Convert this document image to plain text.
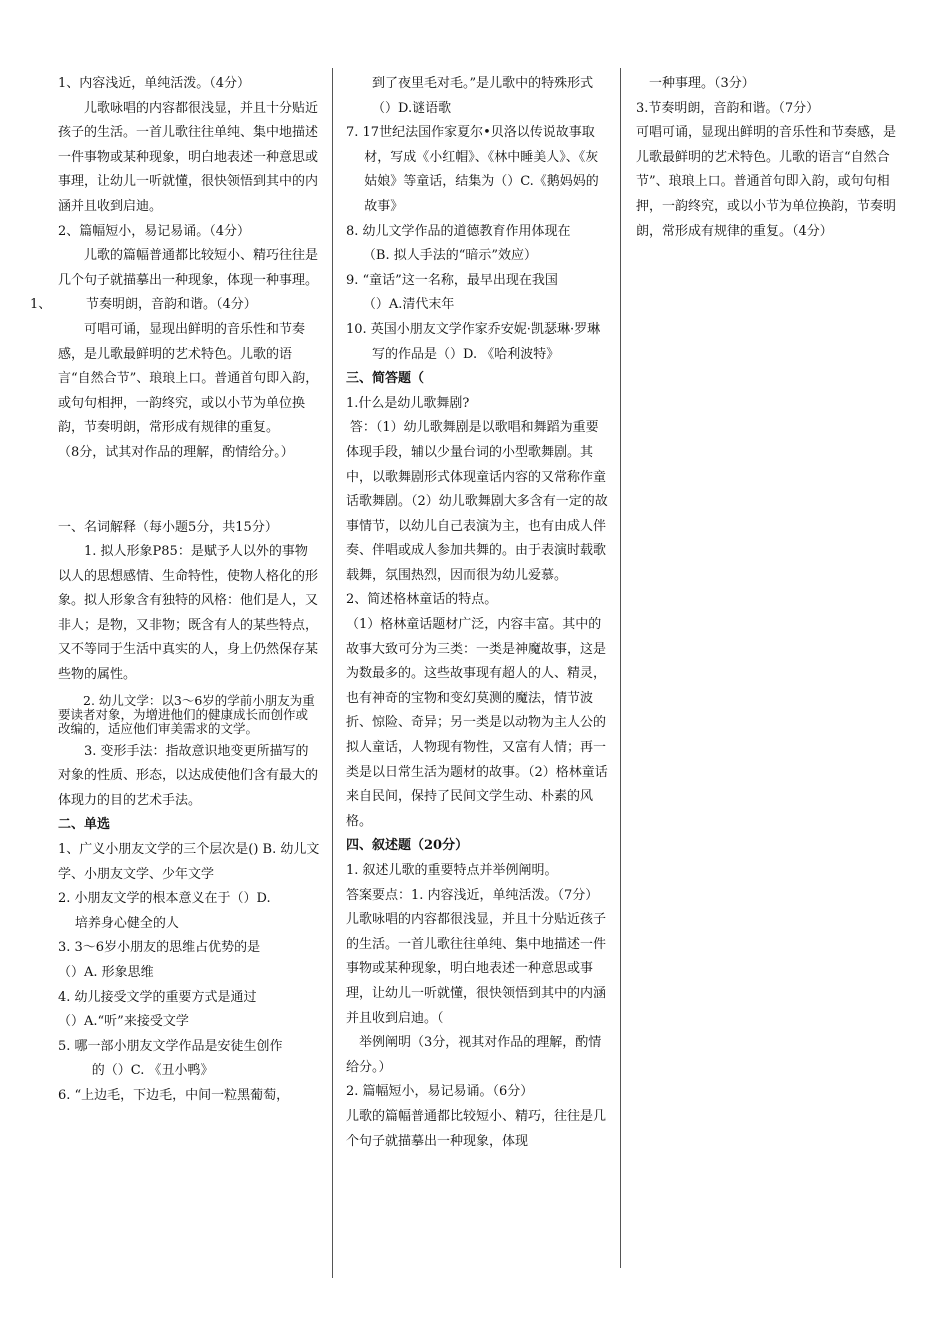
1、内容浅近，单纯活泼。（4分）

儿歌咏唱的内容都很浅显，并且十分贴近孩子的生活。一首儿歌往往单纯、集中地描述一件事物或某种现象，明白地表述一种意思或事理，让幼儿一听就懂，很快领悟到其中的内涵并且收到启迪。

2、篇幅短小，易记易诵。（4分）

儿歌的篇幅普通都比较短小、精巧往往是几个句子就描摹出一种现象，体现一种事理。

1、	节奏明朗，音韵和谐。（4分）

可唱可诵，显现出鲜明的音乐性和节奏感，是儿歌最鲜明的艺术特色。儿歌的语言“自然合节”、琅琅上口。普通首句即入韵，或句句相押，一韵终究，或以小节为单位换韵，节奏明朗，常形成有规律的重复。

（8分，试其对作品的理解，酌情给分。）

一、名词解释（每小题5分，共15分）

1. 拟人形象P85：是赋予人以外的事物以人的思想感情、生命特性，使物人格化的形象。拟人形象含有独特的风格：他们是人，又非人；是物，又非物；既含有人的某些特点，又不等同于生活中真实的人，身上仍然保存某些物的属性。

2. 幼儿文学：以3～6岁的学前小朋友为重要读者对象，为增进他们的健康成长而创作或改编的，适应他们审美需求的文学。

3. 变形手法：指故意识地变更所描写的对象的性质、形态，以达成使他们含有最大的体现力的目的艺术手法。

二、单选

1、广义小朋友文学的三个层次是() B. 幼儿文学、小朋友文学、少年文学

2. 小朋友文学的根本意义在于（）D.

培养身心健全的人

3. 3～6岁小朋友的思维占优势的是

（）A. 形象思维

4. 幼儿接受文学的重要方式是通过

（）A.“听”来接受文学

5. 哪一部小朋友文学作品是安徒生创作

的（）C. 《丑小鸭》

6. “上边毛，下边毛，中间一粒黑葡萄，

到了夜里毛对毛。”是儿歌中的特殊形式（）D.谜语歌

7. 17世纪法国作家夏尔•贝洛以传说故事取材，写成《小红帽》、《林中睡美人》、《灰姑娘》等童话，结集为（）C.《鹅妈妈的故事》

8. 幼儿文学作品的道德教育作用体现在

（B. 拟人手法的“暗示”效应）

9. “童话”这一名称，最早出现在我国

（）A.清代末年

10. 英国小朋友文学作家乔安妮·凯瑟琳·罗琳写的作品是（）D. 《哈利波特》

三、简答题（

1.什么是幼儿歌舞剧?

答：（1）幼儿歌舞剧是以歌唱和舞蹈为重要体现手段，辅以少量台词的小型歌舞剧。其中，以歌舞剧形式体现童话内容的又常称作童话歌舞剧。（2）幼儿歌舞剧大多含有一定的故事情节，以幼儿自己表演为主，也有由成人伴奏、伴唱或成人参加共舞的。由于表演时载歌载舞，氛围热烈，因而很为幼儿爱慕。

2、简述格林童话的特点。

（1）格林童话题材广泛，内容丰富。其中的故事大致可分为三类：一类是神魔故事，这是为数最多的。这些故事现有超人的人、精灵，也有神奇的宝物和变幻莫测的魔法，情节波折、惊险、奇异；另一类是以动物为主人公的拟人童话，人物现有物性，又富有人情；再一类是以日常生活为题材的故事。（2）格林童话来自民间，保持了民间文学生动、朴素的风格。

四、叙述题（20分）

1. 叙述儿歌的重要特点并举例阐明。

答案要点：1. 内容浅近，单纯活泼。（7分）儿歌咏唱的内容都很浅显，并且十分贴近孩子的生活。一首儿歌往往单纯、集中地描述一件事物或某种现象，明白地表述一种意思或事理，让幼儿一听就懂，很快领悟到其中的内涵并且收到启迪。（

举例阐明（3分，视其对作品的理解，酌情给分。）

2. 篇幅短小，易记易诵。（6分）

儿歌的篇幅普通都比较短小、精巧，往往是几个句子就描摹出一种现象，体现

一种事理。（3分）

3.节奏明朗，音韵和谐。（7分）

可唱可诵，显现出鲜明的音乐性和节奏感，是儿歌最鲜明的艺术特色。儿歌的语言“自然合节”、琅琅上口。普通首句即入韵，或句句相押，一韵终究，或以小节为单位换韵，节奏明朗，常形成有规律的重复。（4分）
